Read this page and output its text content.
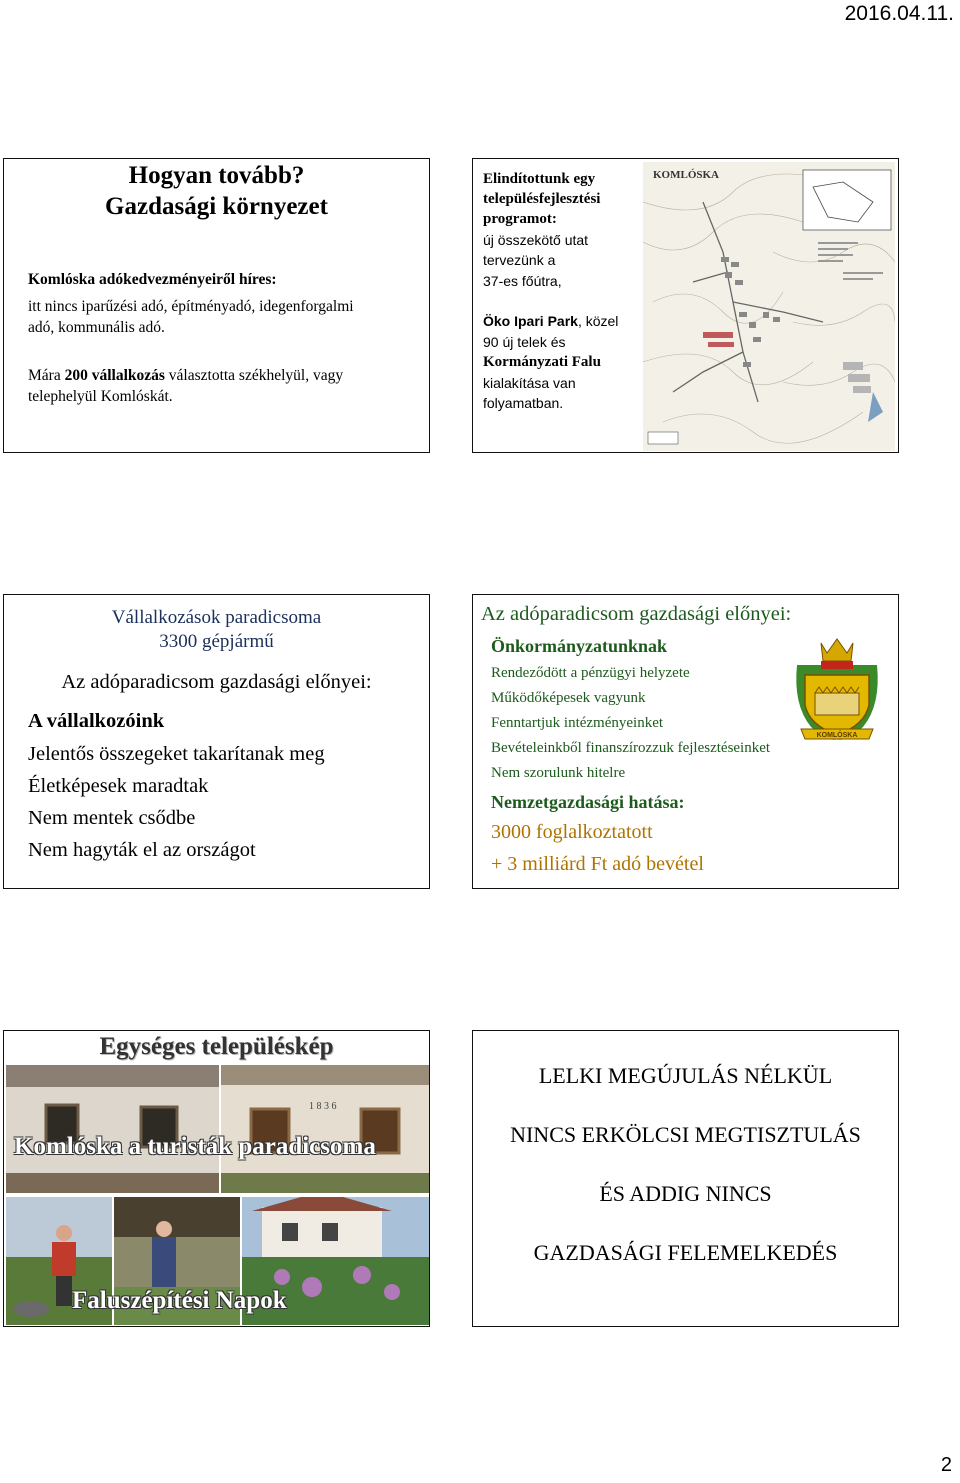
2016.04.11.
Hogyan tovább?
Gazdasági környezet
Komlóska adókedvezményeiről híres:
itt nincs iparűzési adó, építményadó, idegenforgalmi
adó, kommunális adó.
Mára 200 vállalkozás választotta székhelyül, vagy
telephelyül Komlóskát.
Elindítottunk egy
településfejlesztési
programot:
új összekötő utat
tervezünk a
37-es főútra,
Öko Ipari Park, közel
90 új telek és
Kormányzati Falu
kialakítása van
folyamatban.
KOMLÓSKA
Vállalkozások paradicsoma
3300 gépjármű
Az adóparadicsom gazdasági előnyei:
A vállalkozóink
Jelentős összegeket takarítanak meg
Életképesek maradtak
Nem mentek csődbe
Nem hagyták el az országot
Az adóparadicsom gazdasági előnyei:
Önkormányzatunknak
Rendeződött a pénzügyi helyzete
Működőképesek vagyunk
Fenntartjuk intézményeinket
Bevételeinkből finanszírozzuk fejlesztéseinket
Nem szorulunk hitelre
Nemzetgazdasági hatása:
3000 foglalkoztatott
+ 3 milliárd Ft adó bevétel
KOMLÓSKA
Egységes településkép
1 8 3 6
Komlóska a turisták paradicsoma
Faluszépítési Napok
LELKI MEGÚJULÁS NÉLKÜL
NINCS ERKÖLCSI MEGTISZTULÁS
ÉS ADDIG NINCS
GAZDASÁGI FELEMELKEDÉS
2
